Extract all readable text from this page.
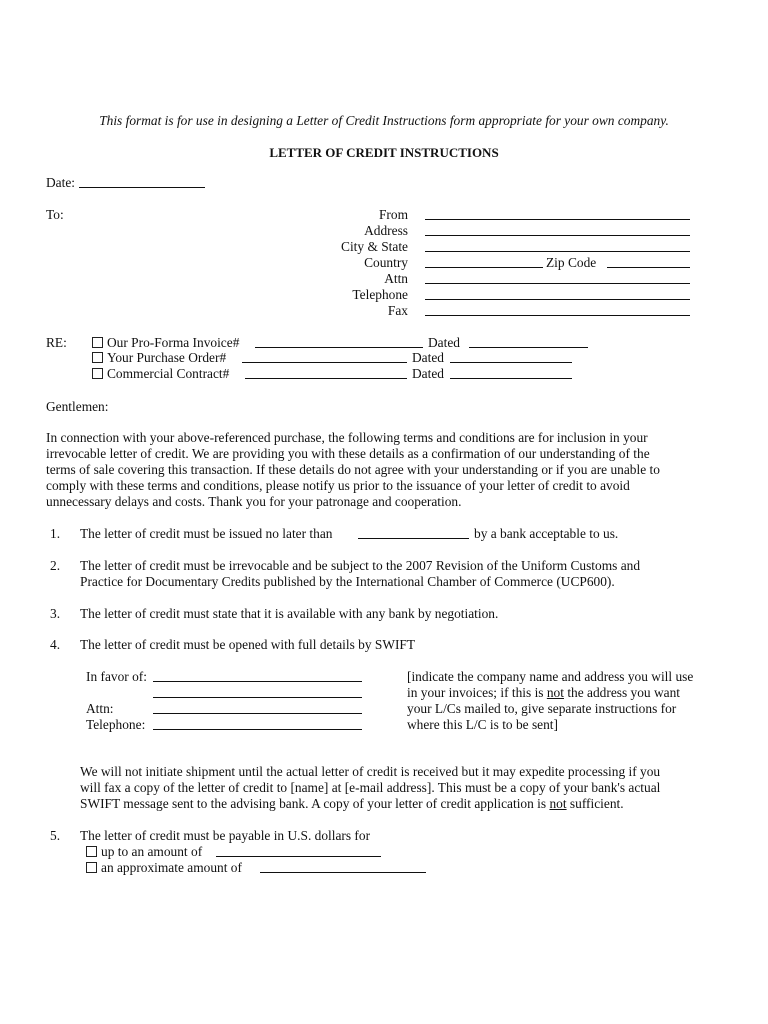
This format is for use in designing a Letter of Credit Instructions form appropriate for your own company.
LETTER OF CREDIT INSTRUCTIONS
Date:
To:	From
Address
City & State
Country	Zip Code
Attn
Telephone
Fax
RE:	Our Pro-Forma Invoice#	Dated
Your Purchase Order#	Dated
Commercial Contract#	Dated
Gentlemen:
In connection with your above-referenced purchase, the following terms and conditions are for inclusion in your
irrevocable letter of credit. We are providing you with these details as a confirmation of our understanding of the
terms of sale covering this transaction. If these details do not agree with your understanding or if you are unable to
comply with these terms and conditions, please notify us prior to the issuance of your letter of credit to avoid
unnecessary delays and costs. Thank you for your patronage and cooperation.
1. The letter of credit must be issued no later than	by a bank acceptable to us.
2. The letter of credit must be irrevocable and be subject to the 2007 Revision of the Uniform Customs and
Practice for Documentary Credits published by the International Chamber of Commerce (UCP600).
3. The letter of credit must state that it is available with any bank by negotiation.
4. The letter of credit must be opened with full details by SWIFT
In favor of:
Attn:
Telephone:
[indicate the company name and address you will use
in your invoices; if this is not the address you want
your L/Cs mailed to, give separate instructions for
where this L/C is to be sent]
We will not initiate shipment until the actual letter of credit is received but it may expedite processing if you
will fax a copy of the letter of credit to [name] at [e-mail address]. This must be a copy of your bank's actual
SWIFT message sent to the advising bank. A copy of your letter of credit application is not sufficient.
5. The letter of credit must be payable in U.S. dollars for
up to an amount of
an approximate amount of
